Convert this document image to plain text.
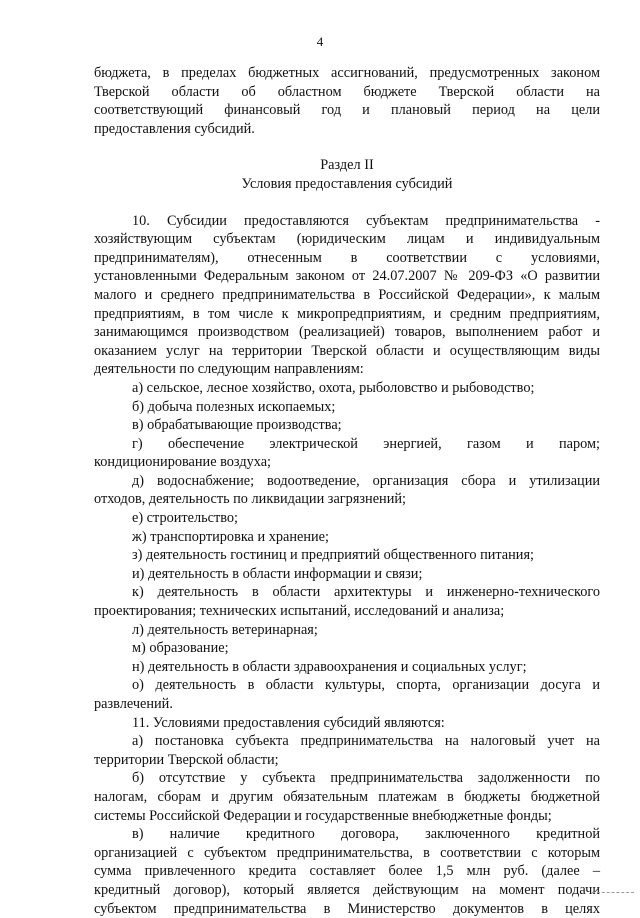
4
бюджета, в пределах бюджетных ассигнований, предусмотренных законом
Тверской области об областном бюджете Тверской области на
соответствующий финансовый год и плановый период на цели
предоставления субсидий.
Раздел II
Условия предоставления субсидий
10. Субсидии предоставляются субъектам предпринимательства -
хозяйствующим субъектам (юридическим лицам и индивидуальным
предпринимателям), отнесенным в соответствии с условиями,
установленными Федеральным законом от 24.07.2007 № 209-ФЗ «О развитии
малого и среднего предпринимательства в Российской Федерации», к малым
предприятиям, в том числе к микропредприятиям, и средним предприятиям,
занимающимся производством (реализацией) товаров, выполнением работ и
оказанием услуг на территории Тверской области и осуществляющим виды
деятельности по следующим направлениям:
а) сельское, лесное хозяйство, охота, рыболовство и рыбоводство;
б) добыча полезных ископаемых;
в) обрабатывающие производства;
г) обеспечение электрической энергией, газом и паром;
кондиционирование воздуха;
д) водоснабжение; водоотведение, организация сбора и утилизации
отходов, деятельность по ликвидации загрязнений;
е) строительство;
ж) транспортировка и хранение;
з) деятельность гостиниц и предприятий общественного питания;
и) деятельность в области информации и связи;
к) деятельность в области архитектуры и инженерно-технического
проектирования; технических испытаний, исследований и анализа;
л) деятельность ветеринарная;
м) образование;
н) деятельность в области здравоохранения и социальных услуг;
о) деятельность в области культуры, спорта, организации досуга и
развлечений.
11. Условиями предоставления субсидий являются:
а) постановка субъекта предпринимательства на налоговый учет на
территории Тверской области;
б) отсутствие у субъекта предпринимательства задолженности по
налогам, сборам и другим обязательным платежам в бюджеты бюджетной
системы Российской Федерации и государственные внебюджетные фонды;
в) наличие кредитного договора, заключенного кредитной
организацией с субъектом предпринимательства, в соответствии с которым
сумма привлеченного кредита составляет более 1,5 млн руб. (далее –
кредитный договор), который является действующим на момент подачи
субъектом предпринимательства в Министерство документов в целях
